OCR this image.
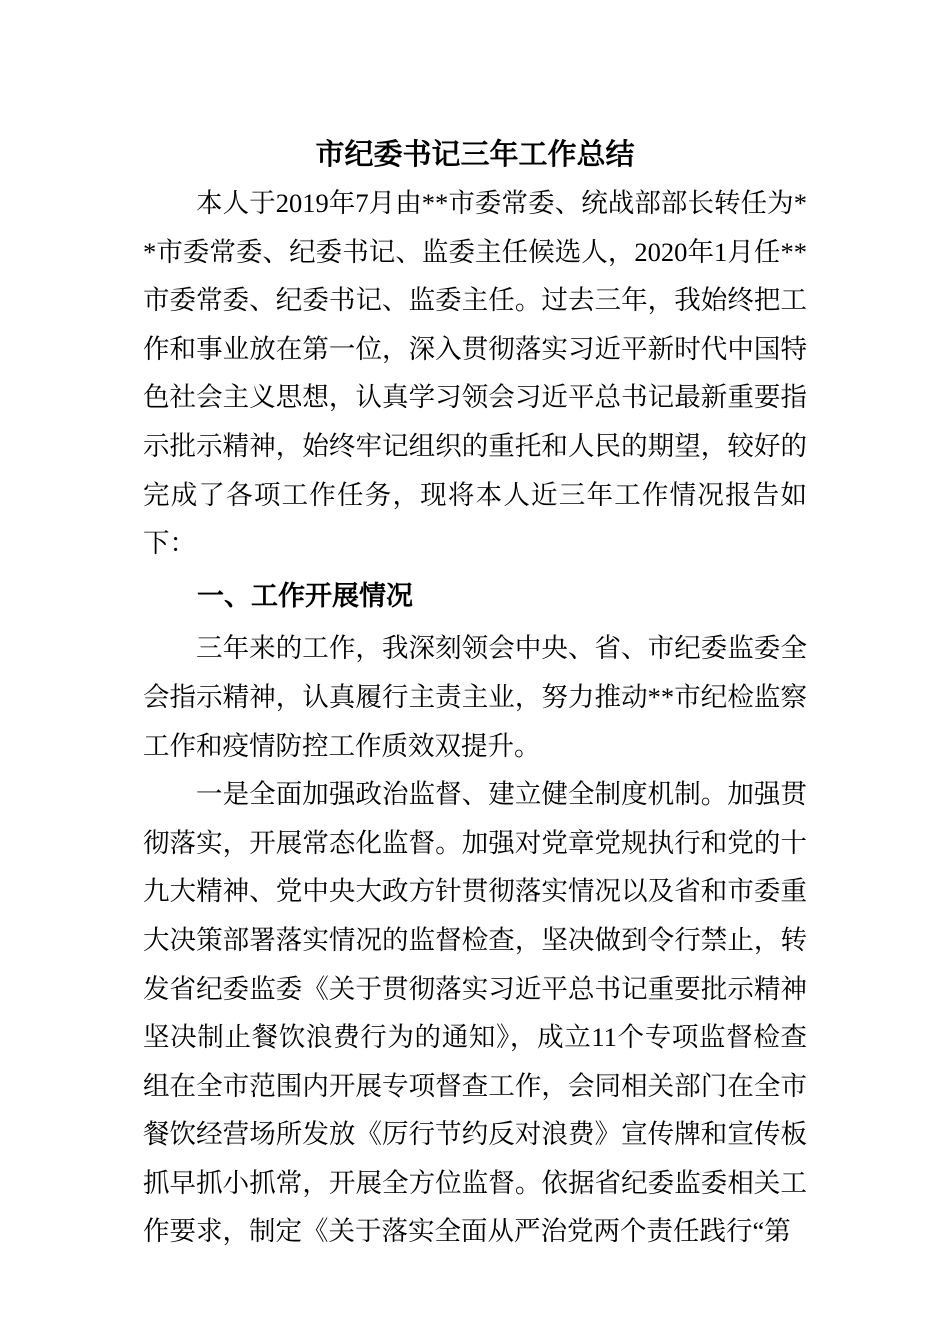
市纪委书记三年工作总结

本人于2019年7月由**市委常委、统战部部长转任为**市委常委、纪委书记、监委主任候选人，2020年1月任**市委常委、纪委书记、监委主任。过去三年，我始终把工作和事业放在第一位，深入贯彻落实习近平新时代中国特色社会主义思想，认真学习领会习近平总书记最新重要指示批示精神，始终牢记组织的重托和人民的期望，较好的完成了各项工作任务，现将本人近三年工作情况报告如下：

一、工作开展情况

三年来的工作，我深刻领会中央、省、市纪委监委全会指示精神，认真履行主责主业，努力推动**市纪检监察工作和疫情防控工作质效双提升。

一是全面加强政治监督、建立健全制度机制。加强贯彻落实，开展常态化监督。加强对党章党规执行和党的十九大精神、党中央大政方针贯彻落实情况以及省和市委重大决策部署落实情况的监督检查，坚决做到令行禁止，转发省纪委监委《关于贯彻落实习近平总书记重要批示精神坚决制止餐饮浪费行为的通知》，成立11个专项监督检查组在全市范围内开展专项督查工作，会同相关部门在全市餐饮经营场所发放《厉行节约反对浪费》宣传牌和宣传板抓早抓小抓常，开展全方位监督。依据省纪委监委相关工作要求，制定《关于落实全面从严治党两个责任践行“第
